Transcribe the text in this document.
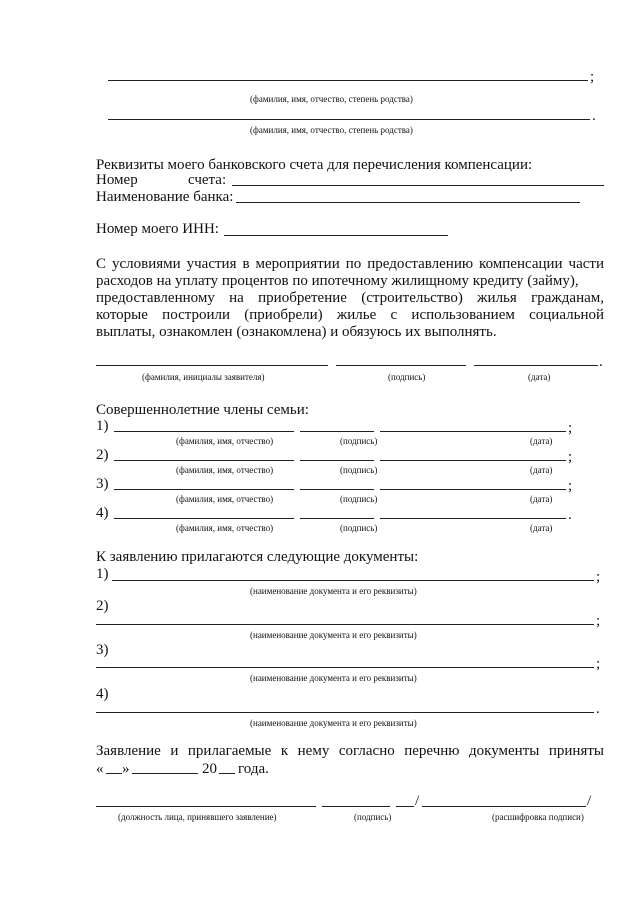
;
(фамилия, имя, отчество, степень родства)
.
(фамилия, имя, отчество, степень родства)
Реквизиты моего банковского счета для перечисления компенсации:
Номер	счета:
Наименование банка:
Номер моего ИНН:
С условиями участия в мероприятии по предоставлению компенсации части
расходов на уплату процентов по ипотечному жилищному кредиту (займу),
предоставленному на приобретение (строительство) жилья гражданам,
которые построили (приобрели) жилье с использованием социальной
выплаты, ознакомлен (ознакомлена) и обязуюсь их выполнять.
.
(фамилия, инициалы заявителя)	(подпись)	(дата)
Совершеннолетние члены семьи:
1)	;
(фамилия, имя, отчество)	(подпись)	(дата)
2)	;
(фамилия, имя, отчество)	(подпись)	(дата)
3)	;
(фамилия, имя, отчество)	(подпись)	(дата)
4)	.
(фамилия, имя, отчество)	(подпись)	(дата)
К заявлению прилагаются следующие документы:
1)	;
(наименование документа и его реквизиты)
2)
;
(наименование документа и его реквизиты)
3)
;
(наименование документа и его реквизиты)
4)
.
(наименование документа и его реквизиты)
Заявление и прилагаемые к нему согласно перечню документы приняты
« »	20 года.
/	/
(должность лица, принявшего заявление)	(подпись)	(расшифровка подписи)
